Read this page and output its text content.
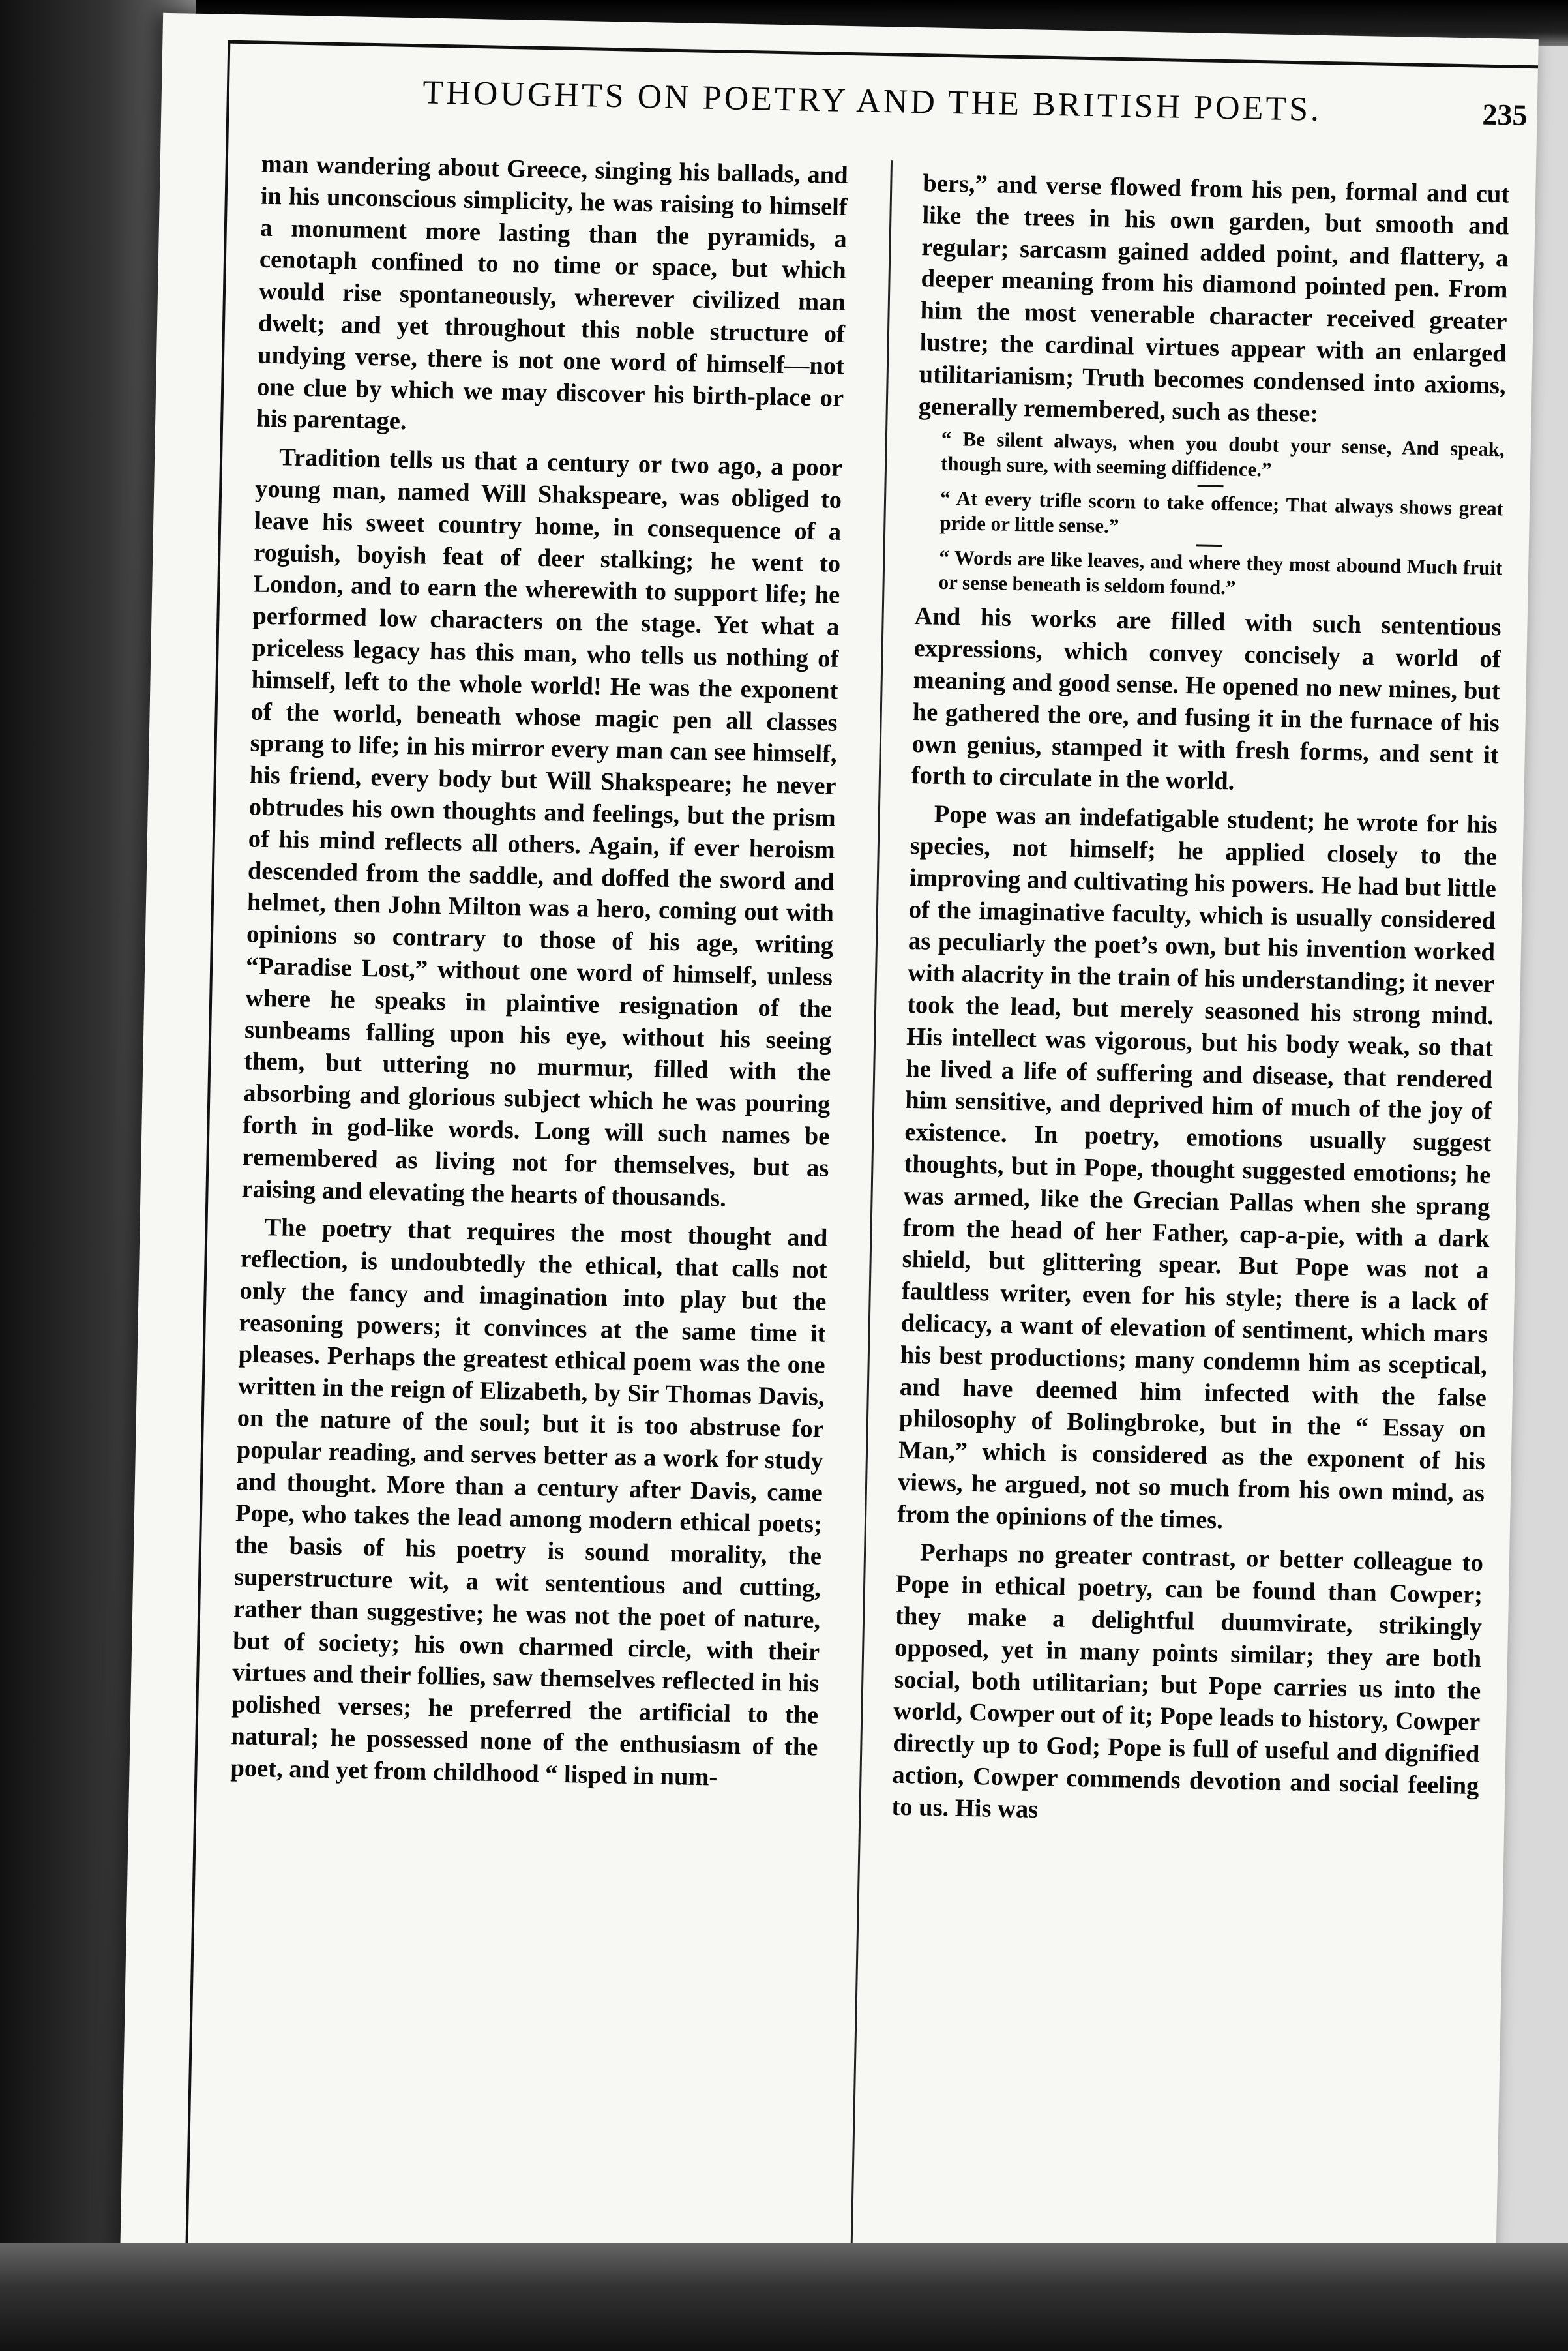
THOUGHTS ON POETRY AND THE BRITISH POETS.	235

man wandering about Greece, singing his ballads, and in his unconscious simplicity, he was raising to himself a monument more lasting than the pyramids, a cenotaph confined to no time or space, but which would rise spontaneously, wherever civilized man dwelt; and yet throughout this noble structure of undying verse, there is not one word of himself—not one clue by which we may discover his birth-place or his parentage.

Tradition tells us that a century or two ago, a poor young man, named Will Shakspeare, was obliged to leave his sweet country home, in consequence of a roguish, boyish feat of deer stalking; he went to London, and to earn the wherewith to support life; he performed low characters on the stage. Yet what a priceless legacy has this man, who tells us nothing of himself, left to the whole world! He was the exponent of the world, beneath whose magic pen all classes sprang to life; in his mirror every man can see himself, his friend, every body but Will Shakspeare; he never obtrudes his own thoughts and feelings, but the prism of his mind reflects all others. Again, if ever heroism descended from the saddle, and doffed the sword and helmet, then John Milton was a hero, coming out with opinions so contrary to those of his age, writing “Paradise Lost,” without one word of himself, unless where he speaks in plaintive resignation of the sunbeams falling upon his eye, without his seeing them, but uttering no murmur, filled with the absorbing and glorious subject which he was pouring forth in god-like words. Long will such names be remembered as living not for themselves, but as raising and elevating the hearts of thousands.

The poetry that requires the most thought and reflection, is undoubtedly the ethical, that calls not only the fancy and imagination into play but the reasoning powers; it convinces at the same time it pleases. Perhaps the greatest ethical poem was the one written in the reign of Elizabeth, by Sir Thomas Davis, on the nature of the soul; but it is too abstruse for popular reading, and serves better as a work for study and thought. More than a century after Davis, came Pope, who takes the lead among modern ethical poets; the basis of his poetry is sound morality, the superstructure wit, a wit sententious and cutting, rather than suggestive; he was not the poet of nature, but of society; his own charmed circle, with their virtues and their follies, saw themselves reflected in his polished verses; he preferred the artificial to the natural; he possessed none of the enthusiasm of the poet, and yet from childhood “ lisped in num-

bers,” and verse flowed from his pen, formal and cut like the trees in his own garden, but smooth and regular; sarcasm gained added point, and flattery, a deeper meaning from his diamond pointed pen. From him the most venerable character received greater lustre; the cardinal virtues appear with an enlarged utilitarianism; Truth becomes condensed into axioms, generally remembered, such as these:

“ Be silent always, when you doubt your sense, And speak, though sure, with seeming diffidence.”

“ At every trifle scorn to take offence; That always shows great pride or little sense.”

“ Words are like leaves, and where they most abound Much fruit or sense beneath is seldom found.”

And his works are filled with such sententious expressions, which convey concisely a world of meaning and good sense. He opened no new mines, but he gathered the ore, and fusing it in the furnace of his own genius, stamped it with fresh forms, and sent it forth to circulate in the world.

Pope was an indefatigable student; he wrote for his species, not himself; he applied closely to the improving and cultivating his powers. He had but little of the imaginative faculty, which is usually considered as peculiarly the poet’s own, but his invention worked with alacrity in the train of his understanding; it never took the lead, but merely seasoned his strong mind. His intellect was vigorous, but his body weak, so that he lived a life of suffering and disease, that rendered him sensitive, and deprived him of much of the joy of existence. In poetry, emotions usually suggest thoughts, but in Pope, thought suggested emotions; he was armed, like the Grecian Pallas when she sprang from the head of her Father, cap-a-pie, with a dark shield, but glittering spear. But Pope was not a faultless writer, even for his style; there is a lack of delicacy, a want of elevation of sentiment, which mars his best productions; many condemn him as sceptical, and have deemed him infected with the false philosophy of Bolingbroke, but in the “ Essay on Man,” which is considered as the exponent of his views, he argued, not so much from his own mind, as from the opinions of the times.

Perhaps no greater contrast, or better colleague to Pope in ethical poetry, can be found than Cowper; they make a delightful duumvirate, strikingly opposed, yet in many points similar; they are both social, both utilitarian; but Pope carries us into the world, Cowper out of it; Pope leads to history, Cowper directly up to God; Pope is full of useful and dignified action, Cowper commends devotion and social feeling to us. His was
